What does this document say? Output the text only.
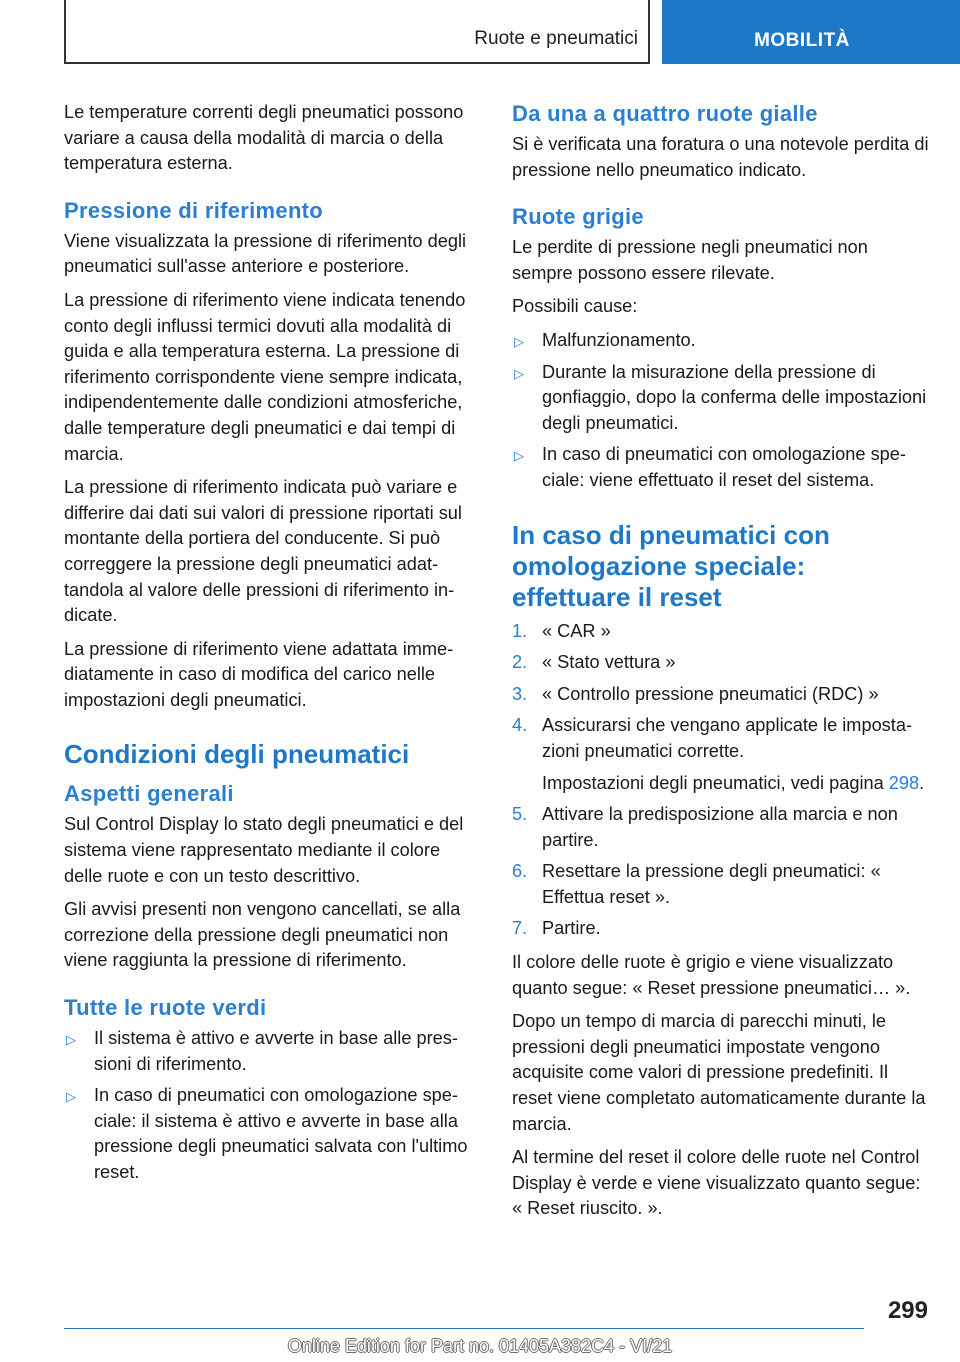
Ruote e pneumatici	MOBILITÀ

Le temperature correnti degli pneumatici possono variare a causa della modalità di marcia o della temperatura esterna.

Pressione di riferimento

Viene visualizzata la pressione di riferimento degli pneumatici sull'asse anteriore e posteriore.

La pressione di riferimento viene indicata tenendo conto degli influssi termici dovuti alla modalità di guida e alla temperatura esterna. La pressione di riferimento corrispondente viene sempre indicata, indipendentemente dalle condizioni atmosferiche, dalle temperature degli pneumatici e dai tempi di marcia.

La pressione di riferimento indicata può variare e differire dai dati sui valori di pressione riportati sul montante della portiera del conducente. Si può correggere la pressione degli pneumatici adattandola al valore delle pressioni di riferimento indicate.

La pressione di riferimento viene adattata immediatamente in caso di modifica del carico nelle impostazioni degli pneumatici.

Condizioni degli pneumatici
Aspetti generali

Sul Control Display lo stato degli pneumatici e del sistema viene rappresentato mediante il colore delle ruote e con un testo descrittivo.

Gli avvisi presenti non vengono cancellati, se alla correzione della pressione degli pneumatici non viene raggiunta la pressione di riferimento.

Tutte le ruote verdi
▷ Il sistema è attivo e avverte in base alle pressioni di riferimento.
▷ In caso di pneumatici con omologazione speciale: il sistema è attivo e avverte in base alla pressione degli pneumatici salvata con l'ultimo reset.
Da una a quattro ruote gialle

Si è verificata una foratura o una notevole perdita di pressione nello pneumatico indicato.

Ruote grigie

Le perdite di pressione negli pneumatici non sempre possono essere rilevate.

Possibili cause:

▷ Malfunzionamento.
▷ Durante la misurazione della pressione di gonfiaggio, dopo la conferma delle impostazioni degli pneumatici.
▷ In caso di pneumatici con omologazione speciale: viene effettuato il reset del sistema.
In caso di pneumatici con omologazione speciale: effettuare il reset
1. « CAR »
2. « Stato vettura »
3. « Controllo pressione pneumatici (RDC) »
4. Assicurarsi che vengano applicate le impostazioni pneumatici corrette.
Impostazioni degli pneumatici, vedi pagina 298.
5. Attivare la predisposizione alla marcia e non partire.
6. Resettare la pressione degli pneumatici: « Effettua reset ».
7. Partire.

Il colore delle ruote è grigio e viene visualizzato quanto segue: « Reset pressione pneumatici… ».

Dopo un tempo di marcia di parecchi minuti, le pressioni degli pneumatici impostate vengono acquisite come valori di pressione predefiniti. Il reset viene completato automaticamente durante la marcia.

Al termine del reset il colore delle ruote nel Control Display è verde e viene visualizzato quanto segue: « Reset riuscito. ».

299
Online Edition for Part no. 01405A382C4 - VI/21
